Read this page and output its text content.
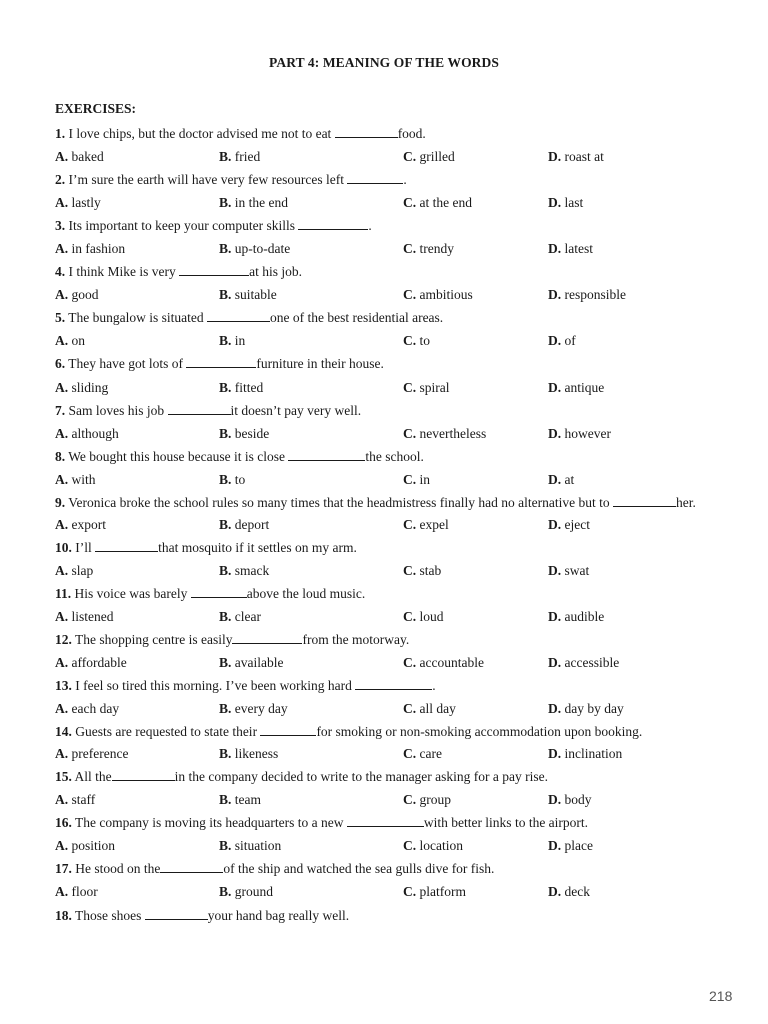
PART 4: MEANING OF THE WORDS
EXERCISES:
1. I love chips, but the doctor advised me not to eat	food.
A. baked	B. fried	C. grilled	D. roast at
2. I’m sure the earth will have very few resources left	.
A. lastly	B. in the end	C. at the end	D. last
3. Its important to keep your computer skills	.
A. in fashion	B. up-to-date	C. trendy	D. latest
4. I think Mike is very	at his job.
A. good	B. suitable	C. ambitious	D. responsible
5. The bungalow is situated	one of the best residential areas.
A. on	B. in	C. to	D. of
6. They have got lots of	furniture in their house.
A. sliding	B. fitted	C. spiral	D. antique
7. Sam loves his job	it doesn’t pay very well.
A. although	B. beside	C. nevertheless	D. however
8. We bought this house because it is close	the school.
A. with	B. to	C. in	D. at
9. Veronica broke the school rules so many times that the headmistress finally had no alternative but to	her.
A. export	B. deport	C. expel	D. eject
10. I’ll	that mosquito if it settles on my arm.
A. slap	B. smack	C. stab	D. swat
11. His voice was barely	above the loud music.
A. listened	B. clear	C. loud	D. audible
12. The shopping centre is easily	from the motorway.
A. affordable	B. available	C. accountable	D. accessible
13. I feel so tired this morning. I’ve been working hard	.
A. each day	B. every day	C. all day	D. day by day
14. Guests are requested to state their	for smoking or non-smoking accommodation upon booking.
A. preference	B. likeness	C. care	D. inclination
15. All the	in the company decided to write to the manager asking for a pay rise.
A. staff	B. team	C. group	D. body
16. The company is moving its headquarters to a new	with better links to the airport.
A. position	B. situation	C. location	D. place
17. He stood on the	of the ship and watched the sea gulls dive for fish.
A. floor	B. ground	C. platform	D. deck
18. Those shoes	your hand bag really well.
218
